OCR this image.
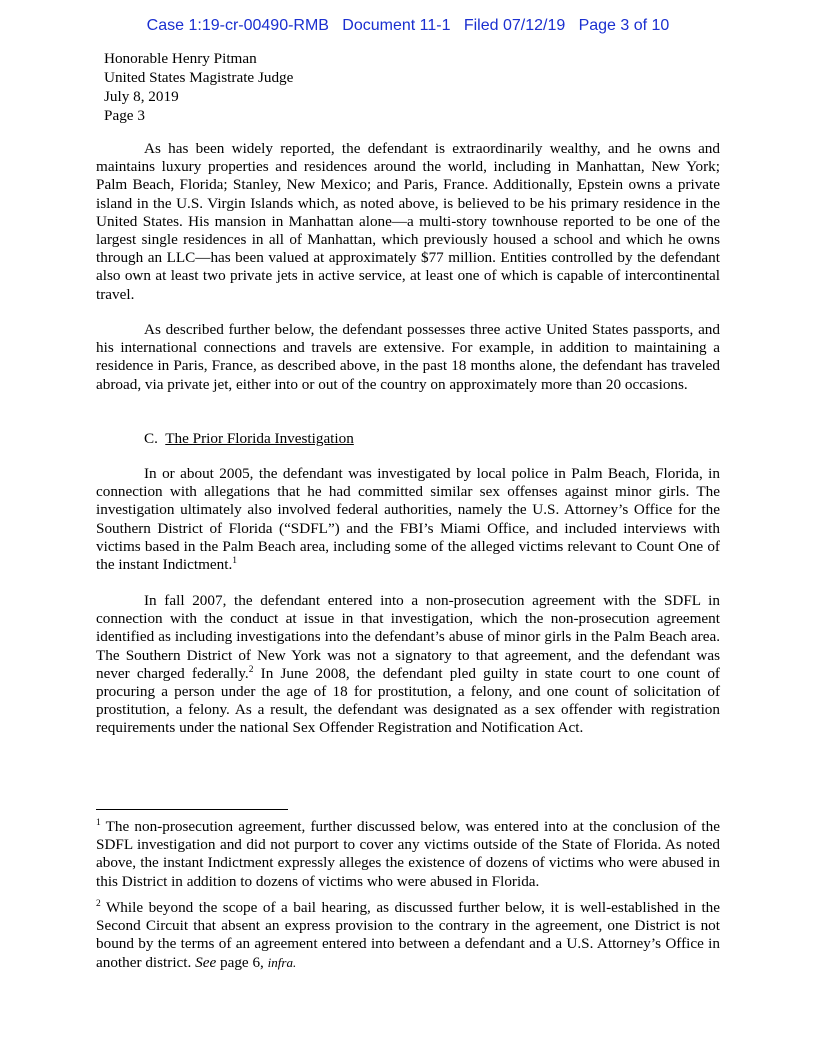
Case 1:19-cr-00490-RMB   Document 11-1   Filed 07/12/19   Page 3 of 10
Honorable Henry Pitman
United States Magistrate Judge
July 8, 2019
Page 3

As has been widely reported, the defendant is extraordinarily wealthy, and he owns and maintains luxury properties and residences around the world, including in Manhattan, New York; Palm Beach, Florida; Stanley, New Mexico; and Paris, France. Additionally, Epstein owns a private island in the U.S. Virgin Islands which, as noted above, is believed to be his primary residence in the United States. His mansion in Manhattan alone—a multi-story townhouse reported to be one of the largest single residences in all of Manhattan, which previously housed a school and which he owns through an LLC—has been valued at approximately $77 million. Entities controlled by the defendant also own at least two private jets in active service, at least one of which is capable of intercontinental travel.

As described further below, the defendant possesses three active United States passports, and his international connections and travels are extensive. For example, in addition to maintaining a residence in Paris, France, as described above, in the past 18 months alone, the defendant has traveled abroad, via private jet, either into or out of the country on approximately more than 20 occasions.

C. The Prior Florida Investigation

In or about 2005, the defendant was investigated by local police in Palm Beach, Florida, in connection with allegations that he had committed similar sex offenses against minor girls. The investigation ultimately also involved federal authorities, namely the U.S. Attorney’s Office for the Southern District of Florida (“SDFL”) and the FBI’s Miami Office, and included interviews with victims based in the Palm Beach area, including some of the alleged victims relevant to Count One of the instant Indictment.$^1$

In fall 2007, the defendant entered into a non-prosecution agreement with the SDFL in connection with the conduct at issue in that investigation, which the non-prosecution agreement identified as including investigations into the defendant’s abuse of minor girls in the Palm Beach area. The Southern District of New York was not a signatory to that agreement, and the defendant was never charged federally.$^2$ In June 2008, the defendant pled guilty in state court to one count of procuring a person under the age of 18 for prostitution, a felony, and one count of solicitation of prostitution, a felony. As a result, the defendant was designated as a sex offender with registration requirements under the national Sex Offender Registration and Notification Act.

$^1$ The non-prosecution agreement, further discussed below, was entered into at the conclusion of the SDFL investigation and did not purport to cover any victims outside of the State of Florida. As noted above, the instant Indictment expressly alleges the existence of dozens of victims who were abused in this District in addition to dozens of victims who were abused in Florida.
$^2$ While beyond the scope of a bail hearing, as discussed further below, it is well-established in the Second Circuit that absent an express provision to the contrary in the agreement, one District is not bound by the terms of an agreement entered into between a defendant and a U.S. Attorney’s Office in another district. See page 6, infra.
